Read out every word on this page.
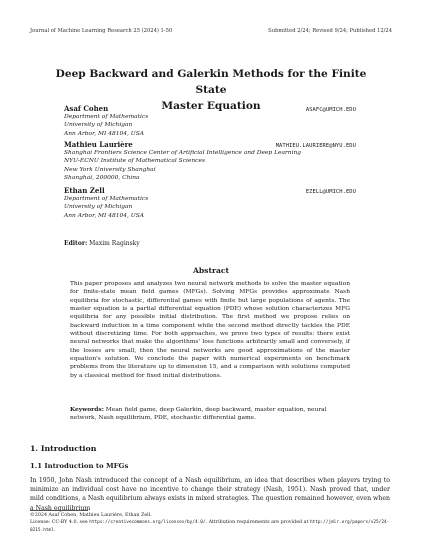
Journal of Machine Learning Research 25 (2024) 1-50	Submitted 2/24; Revised 9/24; Published 12/24
Deep Backward and Galerkin Methods for the Finite State
Master Equation
Asaf Cohen	ASAFC@UMICH.EDU
Department of Mathematics
University of Michigan
Ann Arbor, MI 48104, USA
Mathieu Laurière	MATHIEU.LAURIERE@NYU.EDU
Shanghai Frontiers Science Center of Artificial Intelligence and Deep Learning
NYU-ECNU Institute of Mathematical Sciences
New York University Shanghai
Shanghai, 200000, China
Ethan Zell	EZELL@UMICH.EDU
Department of Mathematics
University of Michigan
Ann Arbor, MI 48104, USA
Editor: Maxim Raginsky
Abstract
This paper proposes and analyzes two neural network methods to solve the master equation for finite-state mean field games (MFGs). Solving MFGs provides approximate Nash equilibria for stochastic, differential games with finite but large populations of agents. The master equation is a partial differential equation (PDE) whose solution characterizes MFG equilibria for any possible initial distribution. The first method we propose relies on backward induction in a time component while the second method directly tackles the PDE without discretizing time. For both approaches, we prove two types of results: there exist neural networks that make the algorithms' loss functions arbitrarily small and conversely, if the losses are small, then the neural networks are good approximations of the master equation's solution. We conclude the paper with numerical experiments on benchmark problems from the literature up to dimension 15, and a comparison with solutions computed by a classical method for fixed initial distributions.
Keywords: Mean field game, deep Galerkin, deep backward, master equation, neural network, Nash equilibrium, PDE, stochastic differential game.
1. Introduction
1.1 Introduction to MFGs
In 1950, John Nash introduced the concept of a Nash equilibrium, an idea that describes when players trying to minimize an individual cost have no incentive to change their strategy (Nash, 1951). Nash proved that, under mild conditions, a Nash equilibrium always exists in mixed strategies. The question remained however, even when a Nash equilibrium
©2024 Asaf Cohen, Mathieu Laurière, Ethan Zell.
License: CC-BY 4.0, see https://creativecommons.org/licenses/by/4.0/. Attribution requirements are provided at http://jmlr.org/papers/v25/24-0215.html.
